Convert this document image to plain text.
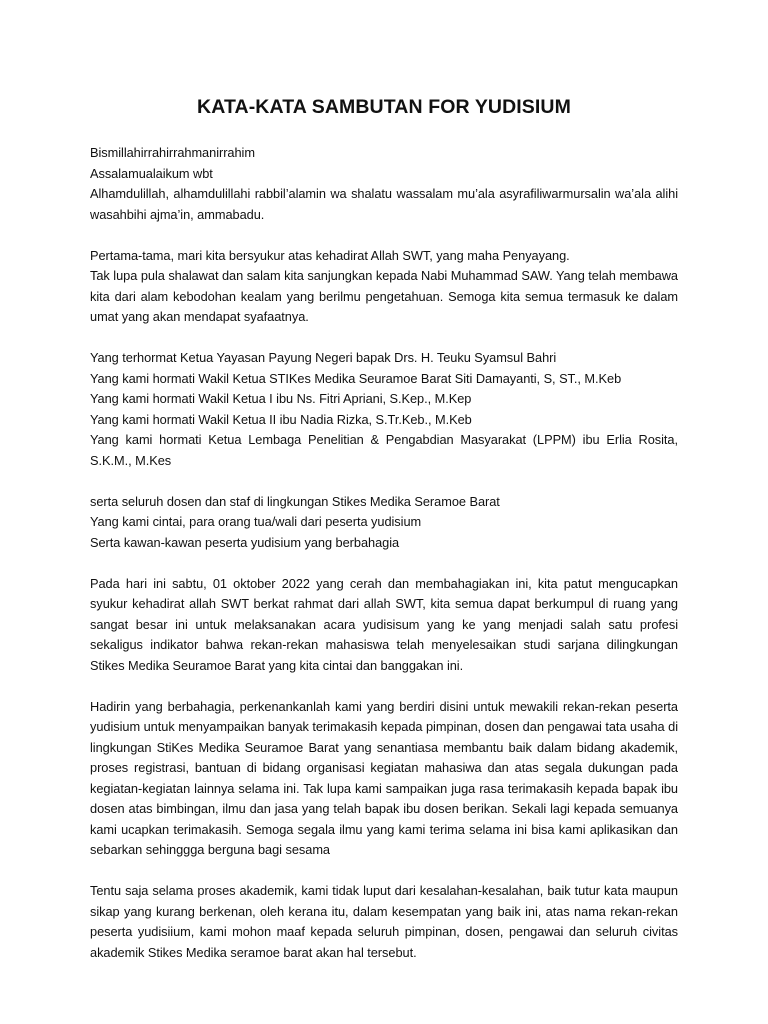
KATA-KATA SAMBUTAN FOR YUDISIUM
Bismillahirrahirrahmanirrahim
Assalamualaikum wbt

Alhamdulillah, alhamdulillahi rabbil’alamin wa shalatu wassalam mu’ala asyrafiliwarmursalin wa’ala alihi wasahbihi ajma’in, ammabadu.

Pertama-tama, mari kita bersyukur atas kehadirat Allah SWT, yang maha Penyayang.

Tak lupa pula shalawat dan salam kita sanjungkan kepada Nabi Muhammad SAW. Yang telah membawa kita dari alam kebodohan kealam yang berilmu pengetahuan. Semoga kita semua termasuk ke dalam umat yang akan mendapat syafaatnya.

Yang terhormat Ketua Yayasan Payung Negeri bapak Drs. H. Teuku Syamsul Bahri
Yang kami hormati Wakil Ketua STIKes Medika Seuramoe Barat Siti Damayanti, S, ST., M.Keb
Yang kami hormati Wakil Ketua I ibu Ns. Fitri Apriani, S.Kep., M.Kep
Yang kami hormati Wakil Ketua II ibu Nadia Rizka, S.Tr.Keb., M.Keb

Yang kami hormati Ketua Lembaga Penelitian & Pengabdian Masyarakat (LPPM) ibu Erlia Rosita, S.K.M., M.Kes

serta seluruh dosen dan staf di lingkungan Stikes Medika Seramoe Barat
Yang kami cintai, para orang tua/wali dari peserta yudisium
Serta kawan-kawan peserta yudisium yang berbahagia

Pada hari ini sabtu, 01 oktober 2022 yang cerah dan membahagiakan ini, kita patut mengucapkan syukur kehadirat allah SWT berkat rahmat dari allah SWT, kita semua dapat berkumpul di ruang yang sangat besar ini untuk melaksanakan acara yudisisum yang ke yang menjadi salah satu profesi sekaligus indikator bahwa rekan-rekan mahasiswa telah menyelesaikan studi sarjana dilingkungan Stikes Medika Seuramoe Barat yang kita cintai dan banggakan ini.

Hadirin yang berbahagia, perkenankanlah kami yang berdiri disini untuk mewakili rekan-rekan peserta yudisium untuk menyampaikan banyak terimakasih kepada pimpinan, dosen dan pengawai tata usaha di lingkungan StiKes Medika Seuramoe Barat yang senantiasa membantu baik dalam bidang akademik, proses registrasi, bantuan di bidang organisasi kegiatan mahasiwa dan atas segala dukungan pada kegiatan-kegiatan lainnya selama ini. Tak lupa kami sampaikan juga rasa terimakasih kepada bapak ibu dosen atas bimbingan, ilmu dan jasa yang telah bapak ibu dosen berikan. Sekali lagi kepada semuanya kami ucapkan terimakasih. Semoga segala ilmu yang kami terima selama ini bisa kami aplikasikan dan sebarkan sehinggga berguna bagi sesama

Tentu saja selama proses akademik, kami tidak luput dari kesalahan-kesalahan, baik tutur kata maupun sikap yang kurang berkenan, oleh kerana itu, dalam kesempatan yang baik ini, atas nama rekan-rekan peserta yudisiium, kami mohon maaf kepada seluruh pimpinan, dosen, pengawai dan seluruh civitas akademik Stikes Medika seramoe barat akan hal tersebut.
